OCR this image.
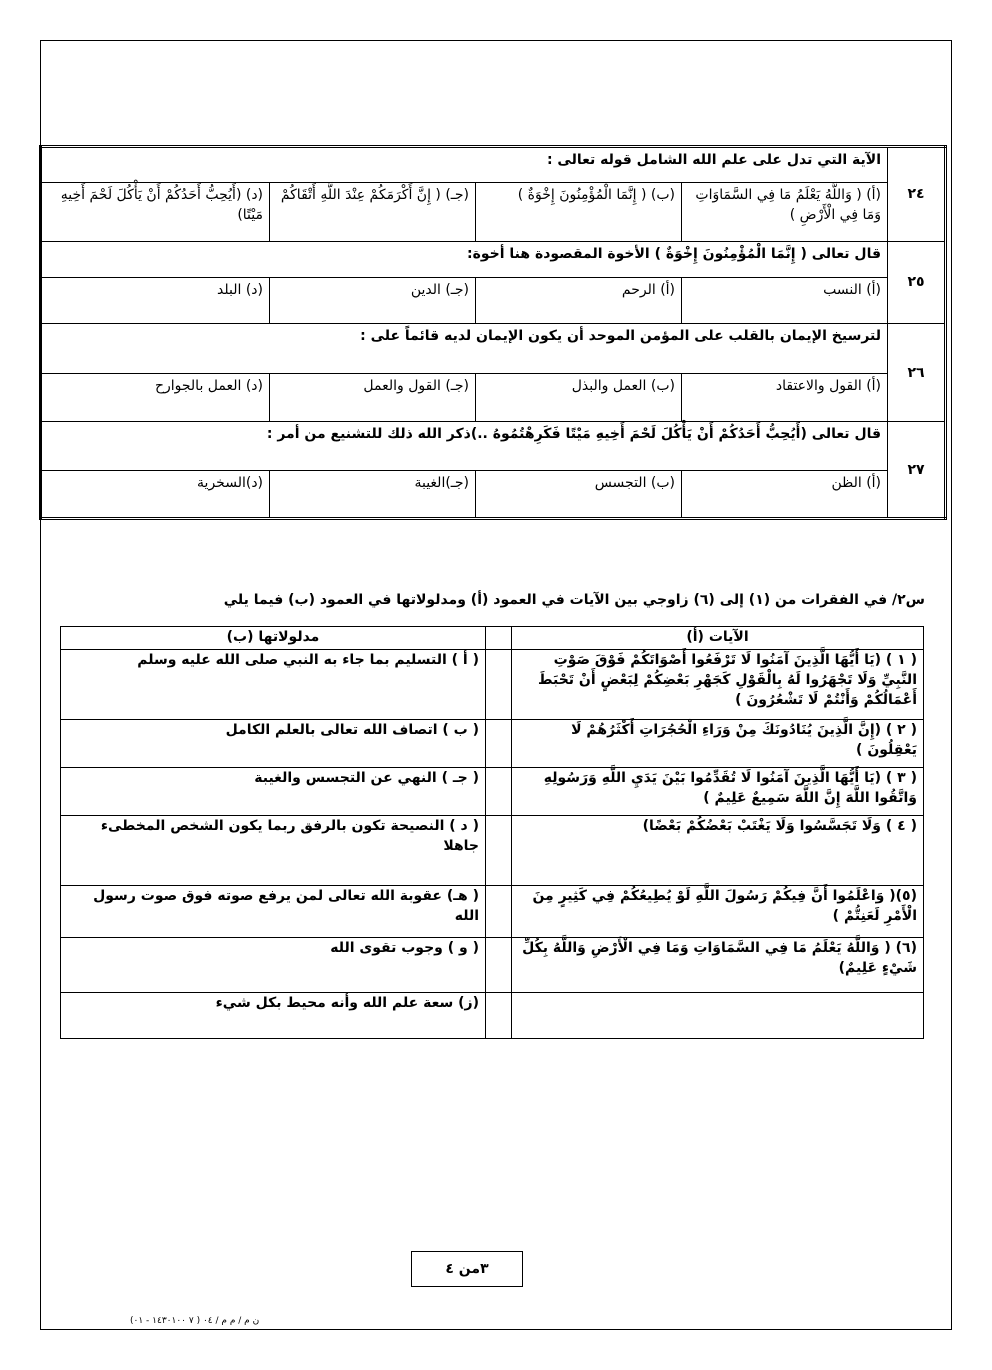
٢٤	الآية التي تدل على علم الله الشامل قوله تعالى :			
	(أ) ( وَاللَّهُ يَعْلَمُ مَا فِي السَّمَاوَاتِ وَمَا فِي الْأَرْضِ )	(ب) ( إِنَّمَا الْمُؤْمِنُونَ إِخْوَةٌ )	(جـ) ( إِنَّ أَكْرَمَكُمْ عِنْدَ اللَّهِ أَتْقَاكُمْ	(د) (أَيُحِبُّ أَحَدُكُمْ أَنْ يَأْكُلَ لَحْمَ أَخِيهِ مَيْتًا)
٢٥	قال تعالى ( إِنَّمَا الْمُؤْمِنُونَ إِخْوَةٌ ) الأخوة المقصودة هنا أخوة:			
	(أ) النسب	(أ) الرحم	(جـ) الدين	(د) البلد
٢٦	لترسيخ الإيمان بالقلب على المؤمن الموحد أن يكون الإيمان لديه قائماً على :			
	(أ) القول والاعتقاد	(ب) العمل والبذل	(جـ) القول والعمل	(د) العمل بالجوارح
٢٧	قال تعالى (أَيُحِبُّ أَحَدُكُمْ أَنْ يَأْكُلَ لَحْمَ أَخِيهِ مَيْتًا فَكَرِهْتُمُوهُ ..)ذكر الله ذلك للتشنيع من أمر :			
	(أ) الظن	(ب) التجسس	(جـ)الغيبة	(د)السخرية
س٢/ في الفقرات من (١) إلى (٦) زاوجي بين الآيات في العمود (أ) ومدلولاتها في العمود (ب) فيما يلي
الآيات (أ)		مدلولاتها (ب)
( ١ ) (يَا أَيُّهَا الَّذِينَ آمَنُوا لَا تَرْفَعُوا أَصْوَاتَكُمْ فَوْقَ صَوْتِ النَّبِيِّ وَلَا تَجْهَرُوا لَهُ بِالْقَوْلِ كَجَهْرِ بَعْضِكُمْ لِبَعْضٍ أَنْ تَحْبَطَ أَعْمَالُكُمْ وَأَنْتُمْ لَا تَشْعُرُونَ )		( أ ) التسليم بما جاء به النبي صلى الله عليه وسلم
( ٢ ) (إِنَّ الَّذِينَ يُنَادُونَكَ مِنْ وَرَاءِ الْحُجُرَاتِ أَكْثَرُهُمْ لَا يَعْقِلُونَ )		( ب ) اتصاف الله تعالى بالعلم الكامل
( ٣ ) (يَا أَيُّهَا الَّذِينَ آمَنُوا لَا تُقَدِّمُوا بَيْنَ يَدَيِ اللَّهِ وَرَسُولِهِ وَاتَّقُوا اللَّهَ إِنَّ اللَّهَ سَمِيعٌ عَلِيمٌ )		( جـ ) النهي عن التجسس والغيبة
( ٤ ) وَلَا تَجَسَّسُوا وَلَا يَغْتَبْ بَعْضُكُمْ بَعْضًا)		( د ) النصيحة تكون بالرفق ربما يكون الشخص المخطىء جاهلا
(٥)( وَاعْلَمُوا أَنَّ فِيكُمْ رَسُولَ اللَّهِ لَوْ يُطِيعُكُمْ فِي كَثِيرٍ مِنَ الْأَمْرِ لَعَنِتُّمْ )		( هـ) عقوبة الله تعالى لمن يرفع صوته فوق صوت رسول الله
(٦) ( وَاللَّهُ يَعْلَمُ مَا فِي السَّمَاوَاتِ وَمَا فِي الْأَرْضِ وَاللَّهُ بِكُلِّ شَيْءٍ عَلِيمٌ)		( و ) وجوب تقوى الله
		(ز) سعة علم الله وأنه محيط بكل شيء
٣من ٤
ن م / م م / ٠٤ ( ٧ ١٤٣٠١٠٠ - ٠١)
